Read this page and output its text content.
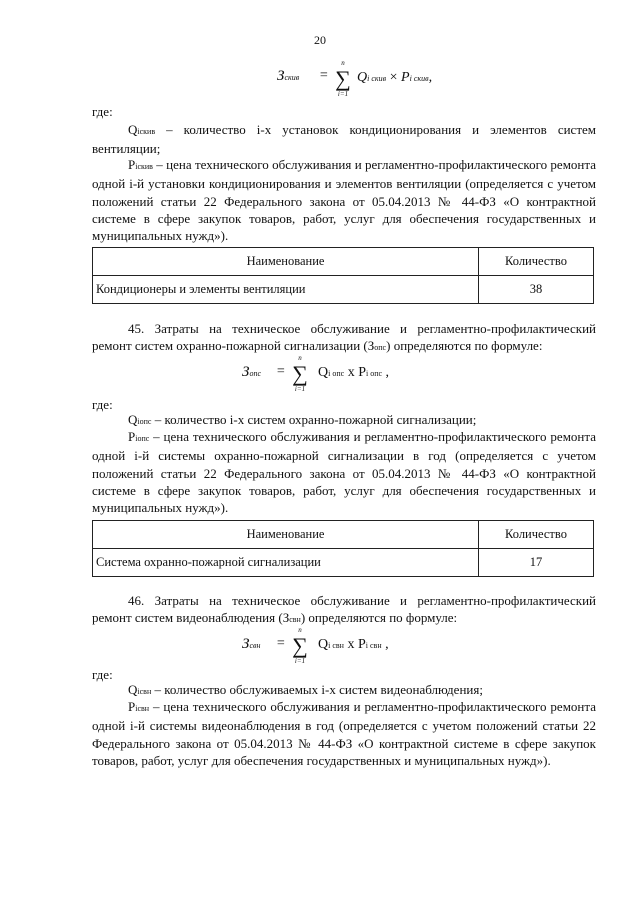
20
Зскив =
n
∑
i=1
Qi скив × Pi скив,
где:
Qiскив – количество i-х установок кондиционирования и элементов систем вентиляции;
Piскив – цена технического обслуживания и регламентно-профилактического ремонта одной i-й установки кондиционирования и элементов вентиляции (определяется с учетом положений статьи 22 Федерального закона от 05.04.2013 № 44-ФЗ «О контрактной системе в сфере закупок товаров, работ, услуг для обеспечения государственных и муниципальных нужд»).
Наименование	Количество
Кондиционеры и элементы вентиляции	38
45. Затраты на техническое обслуживание и регламентно-профилактический ремонт систем охранно-пожарной сигнализации (Зопс) определяются по формуле:
Зопс =
n
∑
i=1
Qi опс x Pi опс ,
где:
Qiопс – количество i-х систем охранно-пожарной сигнализации;
Piопс – цена технического обслуживания и регламентно-профилактического ремонта одной i-й системы охранно-пожарной сигнализации в год (определяется с учетом положений статьи 22 Федерального закона от 05.04.2013 № 44-ФЗ «О контрактной системе в сфере закупок товаров, работ, услуг для обеспечения государственных и муниципальных нужд»).
Наименование	Количество
Система охранно-пожарной сигнализации	17
46. Затраты на техническое обслуживание и регламентно-профилактический ремонт систем видеонаблюдения (Зсвн) определяются по формуле:
Зсвн =
n
∑
i=1
Qi свн x Pi свн ,
где:
Qiсвн – количество обслуживаемых i-х систем видеонаблюдения;
Piсвн – цена технического обслуживания и регламентно-профилактического ремонта одной i-й системы видеонаблюдения в год (определяется с учетом положений статьи 22 Федерального закона от 05.04.2013 № 44-ФЗ «О контрактной системе в сфере закупок товаров, работ, услуг для обеспечения государственных и муниципальных нужд»).
